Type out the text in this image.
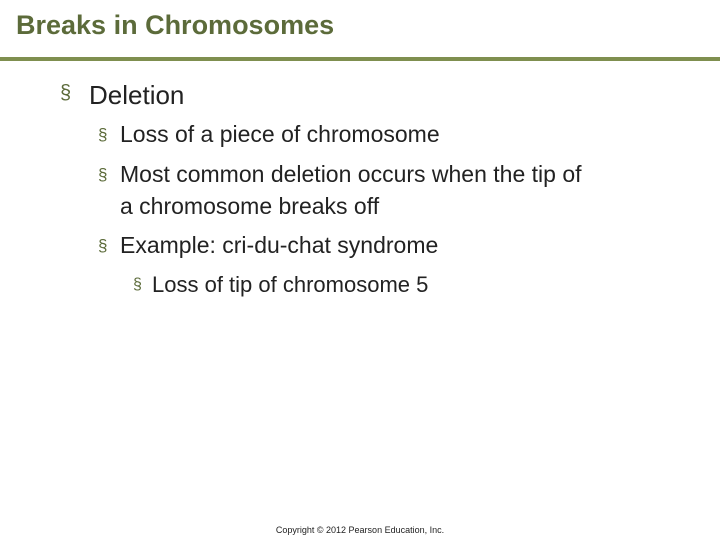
Breaks in Chromosomes
§ Deletion
§ Loss of a piece of chromosome
§ Most common deletion occurs when the tip of
a chromosome breaks off
§ Example: cri-du-chat syndrome
§ Loss of tip of chromosome 5
Copyright © 2012 Pearson Education, Inc.
